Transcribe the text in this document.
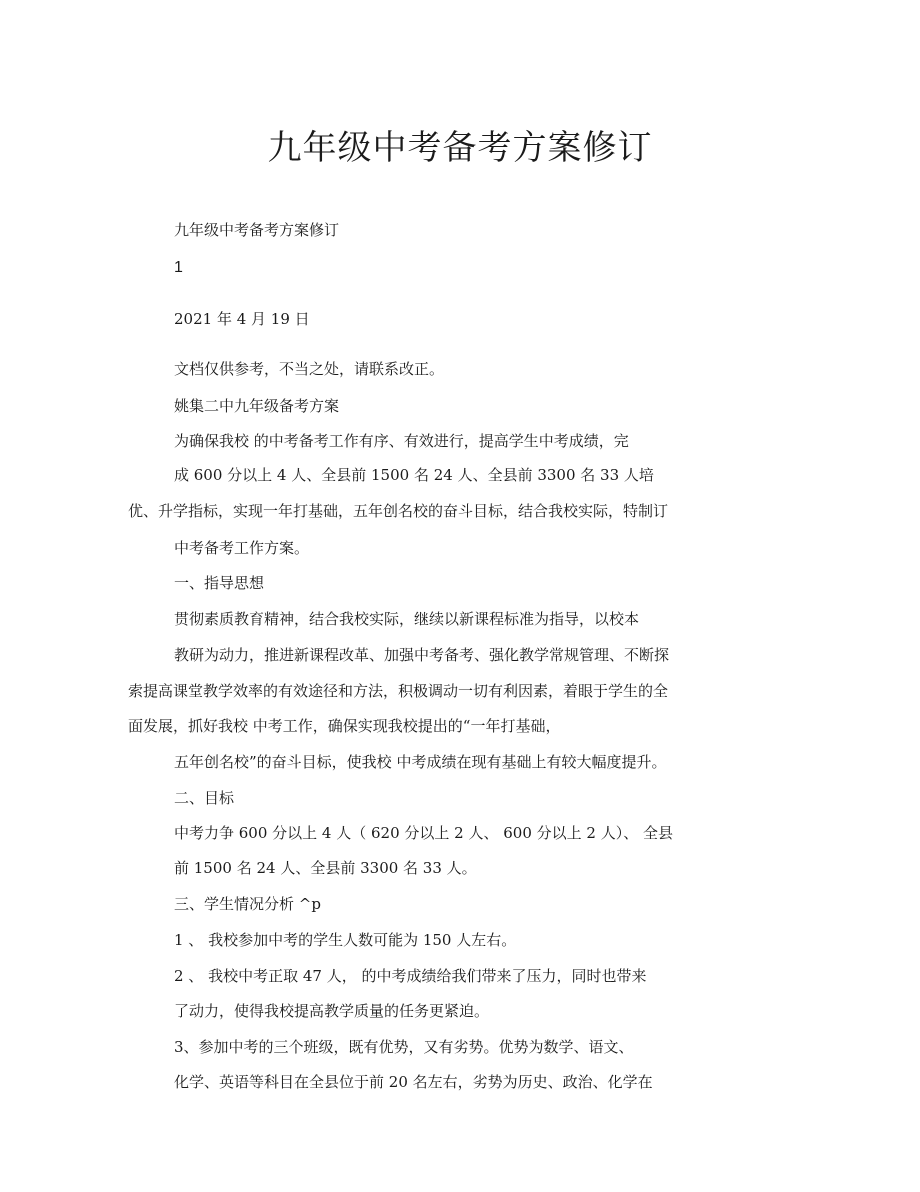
九年级中考备考方案修订

九年级中考备考方案修订

1

2021 年 4 月 19 日

文档仅供参考，不当之处，请联系改正。

姚集二中九年级备考方案

为确保我校 的中考备考工作有序、有效进行，提高学生中考成绩，完

成 600 分以上 4 人、全县前 1500 名 24 人、全县前 3300 名 33 人培

优、升学指标，实现一年打基础，五年创名校的奋斗目标，结合我校实际，特制订

中考备考工作方案。

一、指导思想

贯彻素质教育精神，结合我校实际，继续以新课程标准为指导，以校本

教研为动力，推进新课程改革、加强中考备考、强化教学常规管理、不断探

索提高课堂教学效率的有效途径和方法，积极调动一切有利因素，着眼于学生的全

面发展，抓好我校 中考工作，确保实现我校提出的“一年打基础，

五年创名校”的奋斗目标，使我校 中考成绩在现有基础上有较大幅度提升。

二、目标

中考力争 600 分以上 4 人（ 620 分以上 2 人、 600 分以上 2 人）、 全县

前 1500 名 24 人、全县前 3300 名 33 人。

三、学生情况分析 ^p

1 、 我校参加中考的学生人数可能为 150 人左右。

2 、 我校中考正取 47 人， 的中考成绩给我们带来了压力，同时也带来

了动力，使得我校提高教学质量的任务更紧迫。

3、参加中考的三个班级，既有优势，又有劣势。优势为数学、语文、

化学、英语等科目在全县位于前 20 名左右，劣势为历史、政治、化学在
